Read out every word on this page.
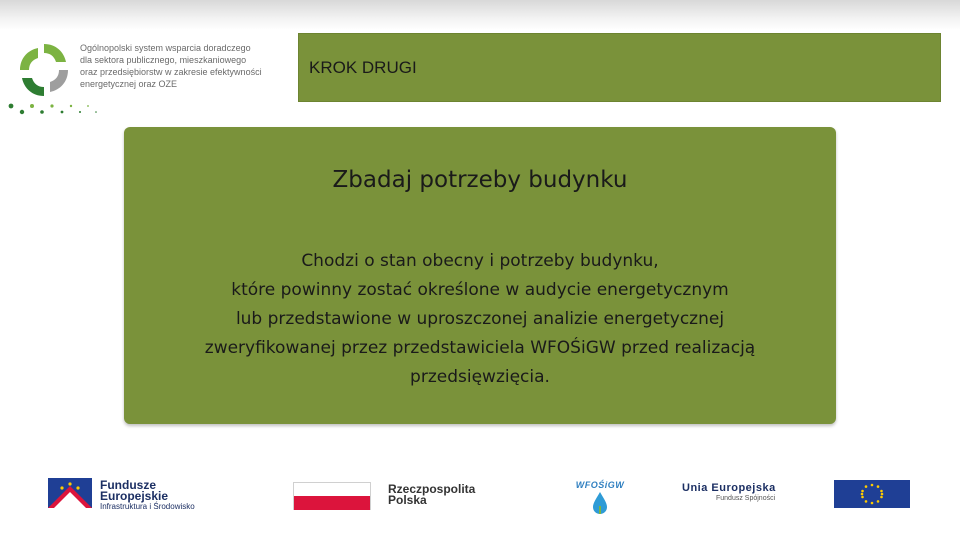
Ogólnopolski system wsparcia doradczego
dla sektora publicznego, mieszkaniowego
oraz przedsiębiorstw w zakresie efektywności
energetycznej oraz OZE
KROK DRUGI
Zbadaj potrzeby budynku
Chodzi o stan obecny i potrzeby budynku,
które powinny zostać określone w audycie energetycznym
lub przedstawione w uproszczonej analizie energetycznej
zweryfikowanej przez przedstawiciela WFOŚiGW przed realizacją
przedsięwzięcia.
Fundusze
Europejskie
Infrastruktura i Środowisko
Rzeczpospolita
Polska
WFOŚiGW	Unia Europejska
Fundusz Spójności
